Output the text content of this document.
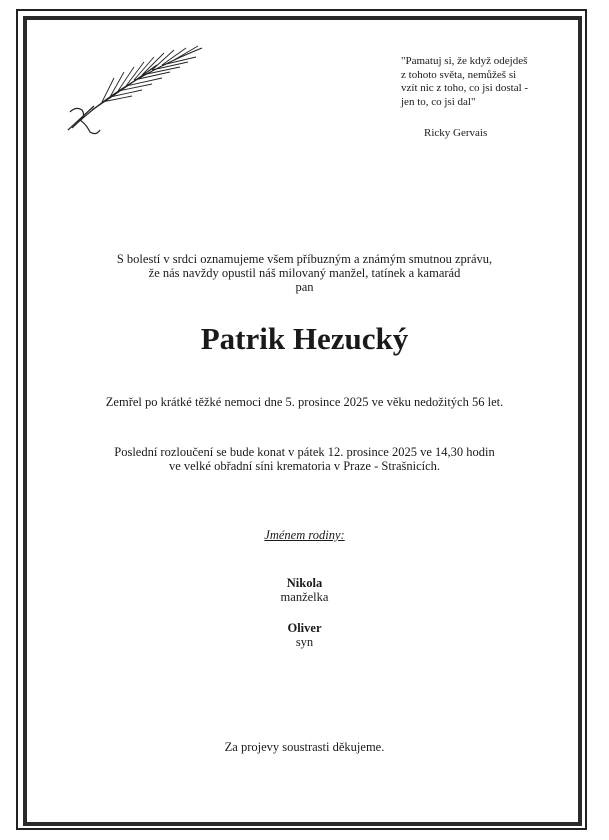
"Pamatuj si, že když odejdeš
z tohoto světa, nemůžeš si
vzít nic z toho, co jsi dostal -
jen to, co jsi dal"
Ricky Gervais
S bolestí v srdci oznamujeme všem příbuzným a známým smutnou zprávu,
že nás navždy opustil náš milovaný manžel, tatínek a kamarád
pan
Patrik Hezucký
Zemřel po krátké těžké nemoci dne 5. prosince 2025 ve věku nedožitých 56 let.
Poslední rozloučení se bude konat v pátek 12. prosince 2025 ve 14,30 hodin
ve velké obřadní síni krematoria v Praze - Strašnicích.
Jménem rodiny:
Nikola
manželka
Oliver
syn
Za projevy soustrasti děkujeme.
